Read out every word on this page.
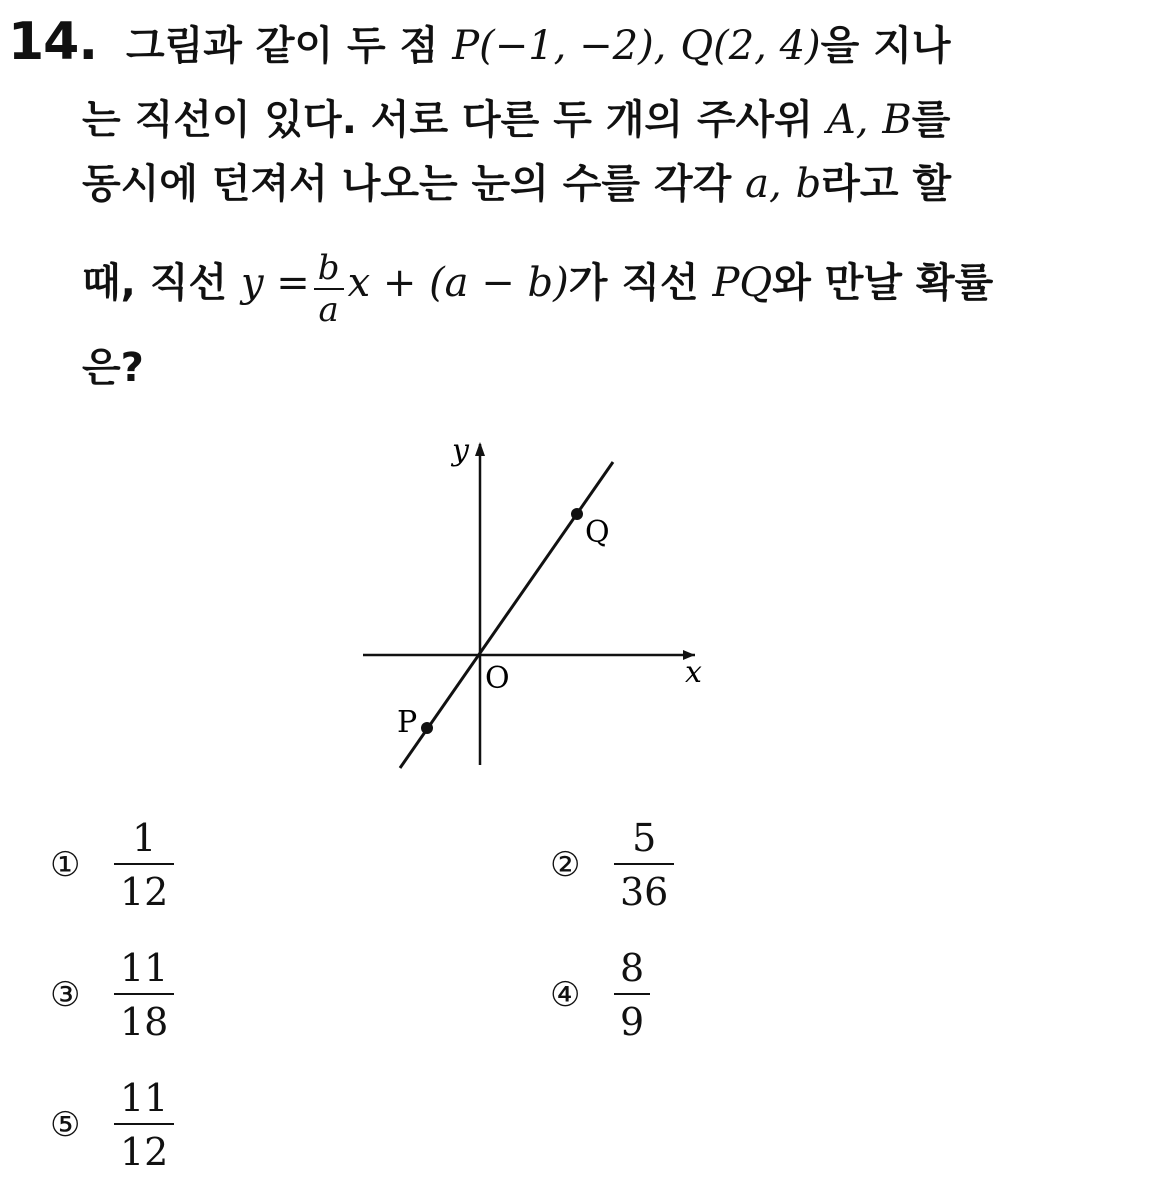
14. 그림과 같이 두 점 P(−1, −2), Q(2, 4)을 지나
는 직선이 있다. 서로 다른 두 개의 주사위 A, B를
동시에 던져서 나오는 눈의 수를 각각 a, b라고 할
때, 직선 $y = \frac{b}{a}$ x + (a − b)가 직선 PQ와 만날 확률
은?
y
x
O
Q
P
① $\frac{1}{12}$	② $\frac{5}{36}$
③ $\frac{11}{18}$	④ $\frac{8}{9}$
⑤ $\frac{11}{12}$
